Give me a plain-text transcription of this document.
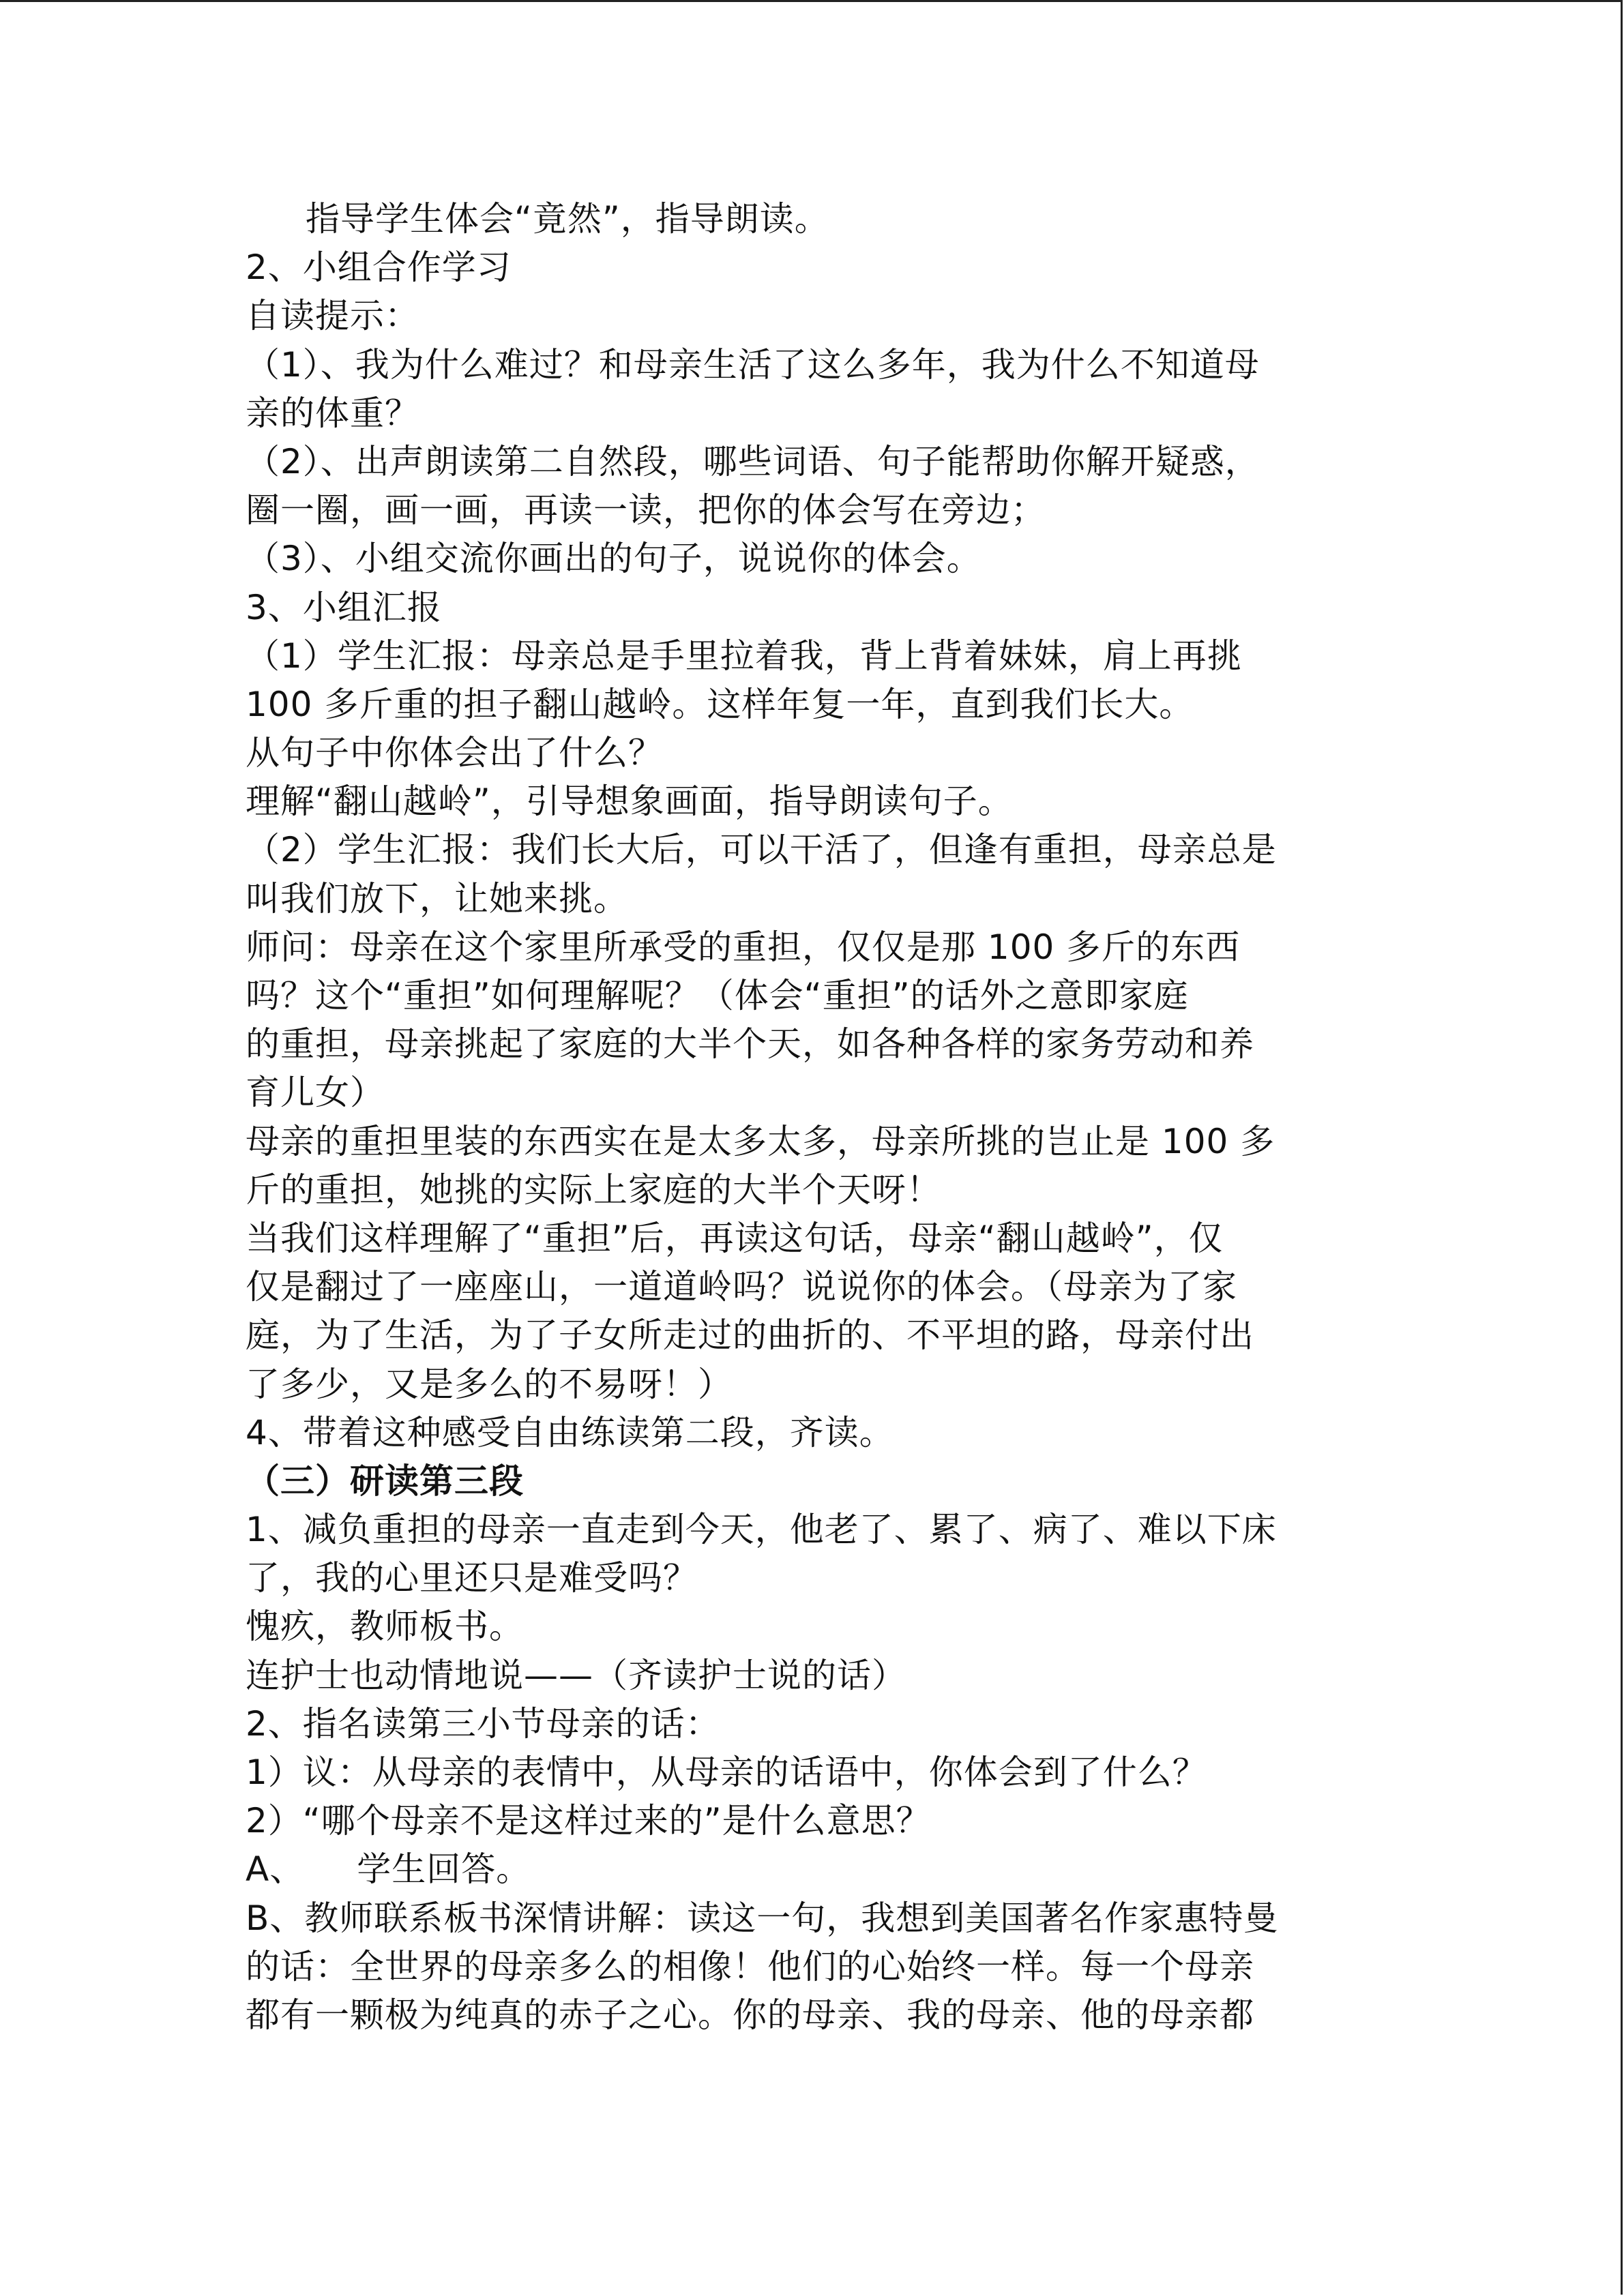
指导学生体会“竟然”，指导朗读。
2、小组合作学习
自读提示：
（1）、我为什么难过？和母亲生活了这么多年，我为什么不知道母
亲的体重？
（2）、出声朗读第二自然段，哪些词语、句子能帮助你解开疑惑，
圈一圈，画一画，再读一读，把你的体会写在旁边；
（3）、小组交流你画出的句子，说说你的体会。
3、小组汇报
（1）学生汇报：母亲总是手里拉着我，背上背着妹妹，肩上再挑
100 多斤重的担子翻山越岭。这样年复一年，直到我们长大。
从句子中你体会出了什么？
理解“翻山越岭”，引导想象画面，指导朗读句子。
（2）学生汇报：我们长大后，可以干活了，但逢有重担，母亲总是
叫我们放下，让她来挑。
师问：母亲在这个家里所承受的重担，仅仅是那 100 多斤的东西
吗？这个“重担”如何理解呢？（体会“重担”的话外之意即家庭
的重担，母亲挑起了家庭的大半个天，如各种各样的家务劳动和养
育儿女）
母亲的重担里装的东西实在是太多太多，母亲所挑的岂止是 100 多
斤的重担，她挑的实际上家庭的大半个天呀！
当我们这样理解了“重担”后，再读这句话，母亲“翻山越岭”，仅
仅是翻过了一座座山，一道道岭吗？说说你的体会。（母亲为了家
庭，为了生活，为了子女所走过的曲折的、不平坦的路，母亲付出
了多少，又是多么的不易呀！）
4、带着这种感受自由练读第二段，齐读。
（三）研读第三段
1、减负重担的母亲一直走到今天，他老了、累了、病了、难以下床
了，我的心里还只是难受吗？
愧疚，教师板书。
连护士也动情地说——（齐读护士说的话）
2、指名读第三小节母亲的话：
1）议：从母亲的表情中，从母亲的话语中，你体会到了什么？
2）“哪个母亲不是这样过来的”是什么意思？
A、　　学生回答。
B、教师联系板书深情讲解：读这一句，我想到美国著名作家惠特曼
的话：全世界的母亲多么的相像！他们的心始终一样。每一个母亲
都有一颗极为纯真的赤子之心。你的母亲、我的母亲、他的母亲都
